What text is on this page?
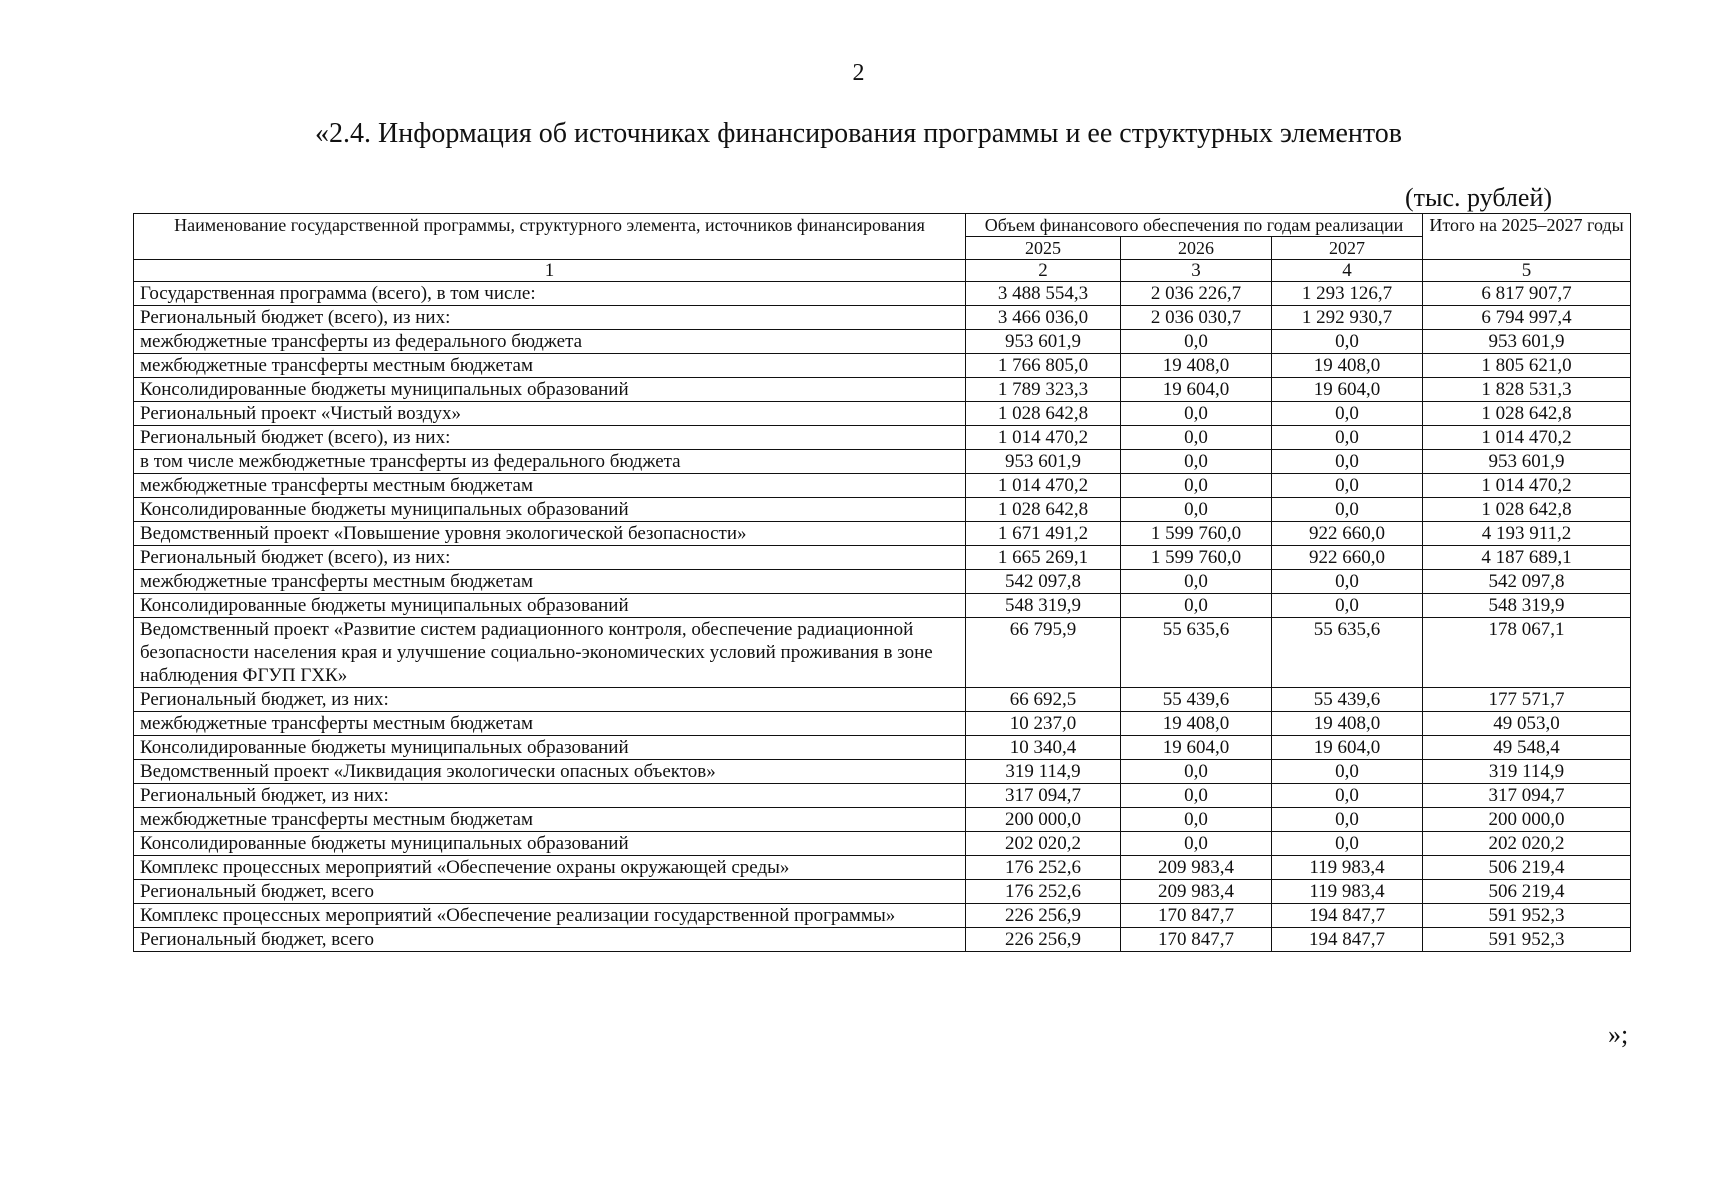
2
«2.4. Информация об источниках финансирования программы и ее структурных элементов
(тыс. рублей)
Наименование государственной программы, структурного элемента, источников финансирования	Объем финансового обеспечения по годам реализации			Итого на 2025–2027 годы
	2025	2026	2027	
1	2	3	4	5
Государственная программа (всего), в том числе:	3 488 554,3	2 036 226,7	1 293 126,7	6 817 907,7
Региональный бюджет (всего), из них:	3 466 036,0	2 036 030,7	1 292 930,7	6 794 997,4
межбюджетные трансферты из федерального бюджета	953 601,9	0,0	0,0	953 601,9
межбюджетные трансферты местным бюджетам	1 766 805,0	19 408,0	19 408,0	1 805 621,0
Консолидированные бюджеты муниципальных образований	1 789 323,3	19 604,0	19 604,0	1 828 531,3
Региональный проект «Чистый воздух»	1 028 642,8	0,0	0,0	1 028 642,8
Региональный бюджет (всего), из них:	1 014 470,2	0,0	0,0	1 014 470,2
в том числе межбюджетные трансферты из федерального бюджета	953 601,9	0,0	0,0	953 601,9
межбюджетные трансферты местным бюджетам	1 014 470,2	0,0	0,0	1 014 470,2
Консолидированные бюджеты муниципальных образований	1 028 642,8	0,0	0,0	1 028 642,8
Ведомственный проект «Повышение уровня экологической безопасности»	1 671 491,2	1 599 760,0	922 660,0	4 193 911,2
Региональный бюджет (всего), из них:	1 665 269,1	1 599 760,0	922 660,0	4 187 689,1
межбюджетные трансферты местным бюджетам	542 097,8	0,0	0,0	542 097,8
Консолидированные бюджеты муниципальных образований	548 319,9	0,0	0,0	548 319,9
Ведомственный проект «Развитие систем радиационного контроля, обеспечение радиационной безопасности населения края и улучшение социально-экономических условий проживания в зоне наблюдения ФГУП ГХК»	66 795,9	55 635,6	55 635,6	178 067,1
Региональный бюджет, из них:	66 692,5	55 439,6	55 439,6	177 571,7
межбюджетные трансферты местным бюджетам	10 237,0	19 408,0	19 408,0	49 053,0
Консолидированные бюджеты муниципальных образований	10 340,4	19 604,0	19 604,0	49 548,4
Ведомственный проект «Ликвидация экологически опасных объектов»	319 114,9	0,0	0,0	319 114,9
Региональный бюджет, из них:	317 094,7	0,0	0,0	317 094,7
межбюджетные трансферты местным бюджетам	200 000,0	0,0	0,0	200 000,0
Консолидированные бюджеты муниципальных образований	202 020,2	0,0	0,0	202 020,2
Комплекс процессных мероприятий «Обеспечение охраны окружающей среды»	176 252,6	209 983,4	119 983,4	506 219,4
Региональный бюджет, всего	176 252,6	209 983,4	119 983,4	506 219,4
Комплекс процессных мероприятий «Обеспечение реализации государственной программы»	226 256,9	170 847,7	194 847,7	591 952,3
Региональный бюджет, всего	226 256,9	170 847,7	194 847,7	591 952,3
»;
